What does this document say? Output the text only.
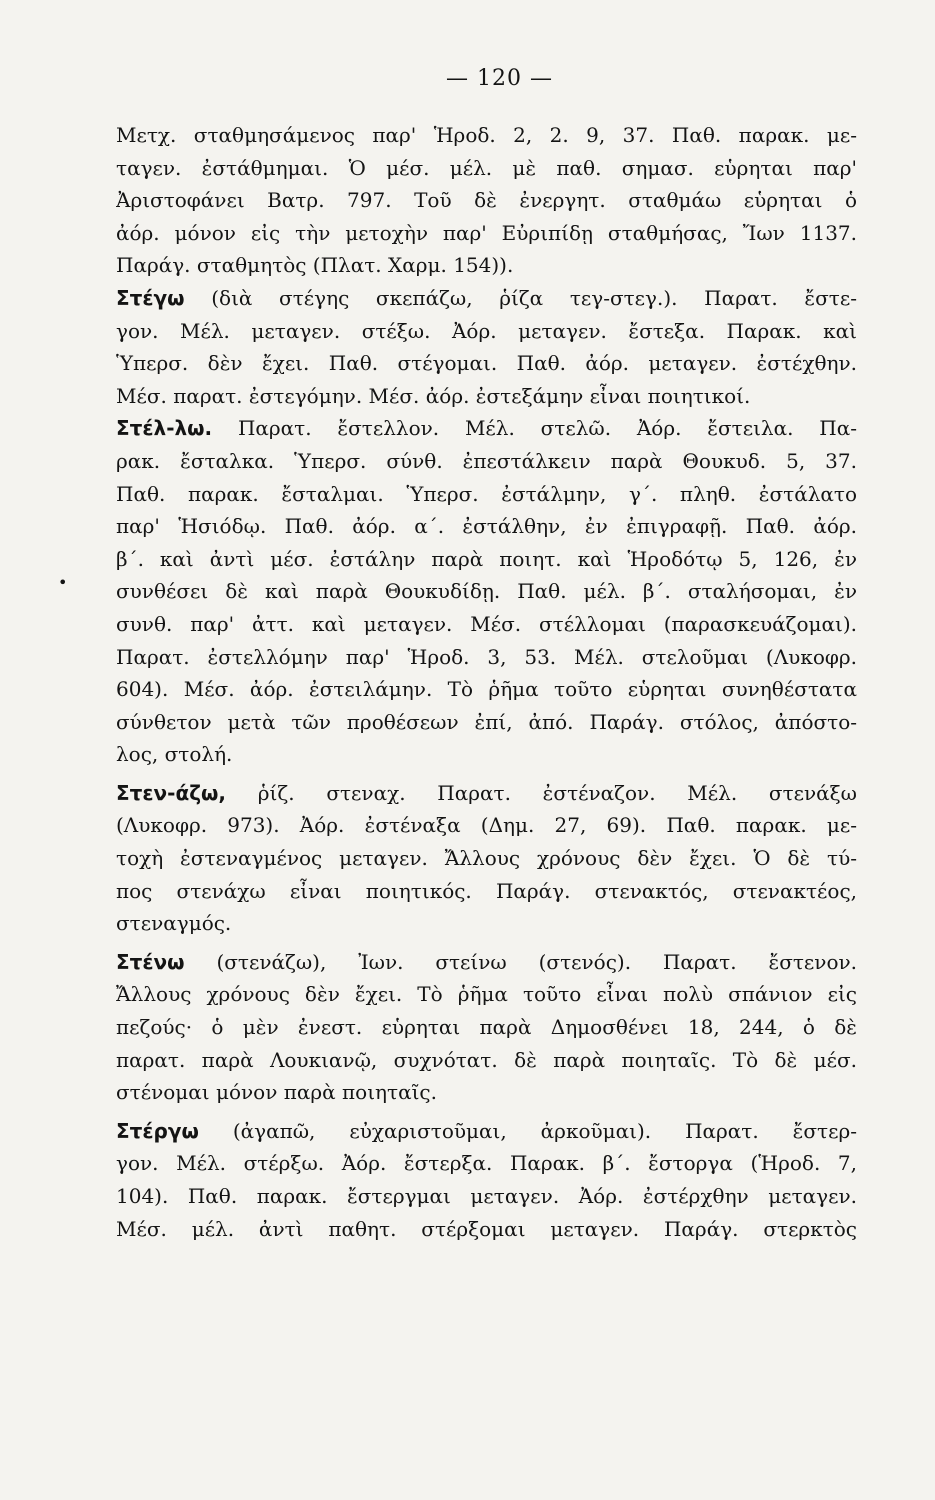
— 120 —
Μετχ. σταθμησάμενος παρ' Ἡροδ. 2, 2. 9, 37. Παθ. παρακ. με-
ταγεν. ἐστάθμημαι. Ὁ μέσ. μέλ. μὲ παθ. σημασ. εὑρηται παρ'
Ἀριστοφάνει Βατρ. 797. Τοῦ δὲ ἐνεργητ. σταθμάω εὑρηται ὁ
ἀόρ. μόνον εἰς τὴν μετοχὴν παρ' Εὐριπίδῃ σταθμήσας, Ἴων 1137.
Παράγ. σταθμητὸς (Πλατ. Χαρμ. 154)).
Στέγω (διὰ στέγης σκεπάζω, ῥίζα τεγ-στεγ.). Παρατ. ἔστε-
γον. Μέλ. μεταγεν. στέξω. Ἀόρ. μεταγεν. ἔστεξα. Παρακ. καὶ
Ὑπερσ. δὲν ἔχει. Παθ. στέγομαι. Παθ. ἀόρ. μεταγεν. ἐστέχθην.
Μέσ. παρατ. ἐστεγόμην. Μέσ. ἀόρ. ἐστεξάμην εἶναι ποιητικοί.
Στέλ-λω. Παρατ. ἔστελλον. Μέλ. στελῶ. Ἀόρ. ἔστειλα. Πα-
ρακ. ἔσταλκα. Ὑπερσ. σύνθ. ἐπεστάλκειν παρὰ Θουκυδ. 5, 37.
Παθ. παρακ. ἔσταλμαι. Ὑπερσ. ἐστάλμην, γ΄. πληθ. ἐστάλατο
παρ' Ἡσιόδῳ. Παθ. ἀόρ. α΄. ἐστάλθην, ἐν ἐπιγραφῇ. Παθ. ἀόρ.
β΄. καὶ ἀντὶ μέσ. ἐστάλην παρὰ ποιητ. καὶ Ἡροδότῳ 5, 126, ἐν
συνθέσει δὲ καὶ παρὰ Θουκυδίδῃ. Παθ. μέλ. β΄. σταλήσομαι, ἐν
συνθ. παρ' ἀττ. καὶ μεταγεν. Μέσ. στέλλομαι (παρασκευάζομαι).
Παρατ. ἐστελλόμην παρ' Ἡροδ. 3, 53. Μέλ. στελοῦμαι (Λυκοφρ.
604). Μέσ. ἀόρ. ἐστειλάμην. Τὸ ῥῆμα τοῦτο εὑρηται συνηθέστατα
σύνθετον μετὰ τῶν προθέσεων ἐπί, ἀπό. Παράγ. στόλος, ἀπόστο-
λος, στολή.
Στεν-άζω, ῥίζ. στεναχ. Παρατ. ἐστέναζον. Μέλ. στενάξω
(Λυκοφρ. 973). Ἀόρ. ἐστέναξα (Δημ. 27, 69). Παθ. παρακ. με-
τοχὴ ἐστεναγμένος μεταγεν. Ἄλλους χρόνους δὲν ἔχει. Ὁ δὲ τύ-
πος στενάχω εἶναι ποιητικός. Παράγ. στενακτός, στενακτέος,
στεναγμός.
Στένω (στενάζω), Ἰων. στείνω (στενός). Παρατ. ἔστενον.
Ἄλλους χρόνους δὲν ἔχει. Τὸ ῥῆμα τοῦτο εἶναι πολὺ σπάνιον εἰς
πεζούς· ὁ μὲν ἐνεστ. εὑρηται παρὰ Δημοσθένει 18, 244, ὁ δὲ
παρατ. παρὰ Λουκιανῷ, συχνότατ. δὲ παρὰ ποιηταῖς. Τὸ δὲ μέσ.
στένομαι μόνον παρὰ ποιηταῖς.
Στέργω (ἀγαπῶ, εὐχαριστοῦμαι, ἀρκοῦμαι). Παρατ. ἔστερ-
γον. Μέλ. στέρξω. Ἀόρ. ἔστερξα. Παρακ. β΄. ἔστοργα (Ἡροδ. 7,
104). Παθ. παρακ. ἔστεργμαι μεταγεν. Ἀόρ. ἐστέρχθην μεταγεν.
Μέσ. μέλ. ἀντὶ παθητ. στέρξομαι μεταγεν. Παράγ. στερκτὸς
•
